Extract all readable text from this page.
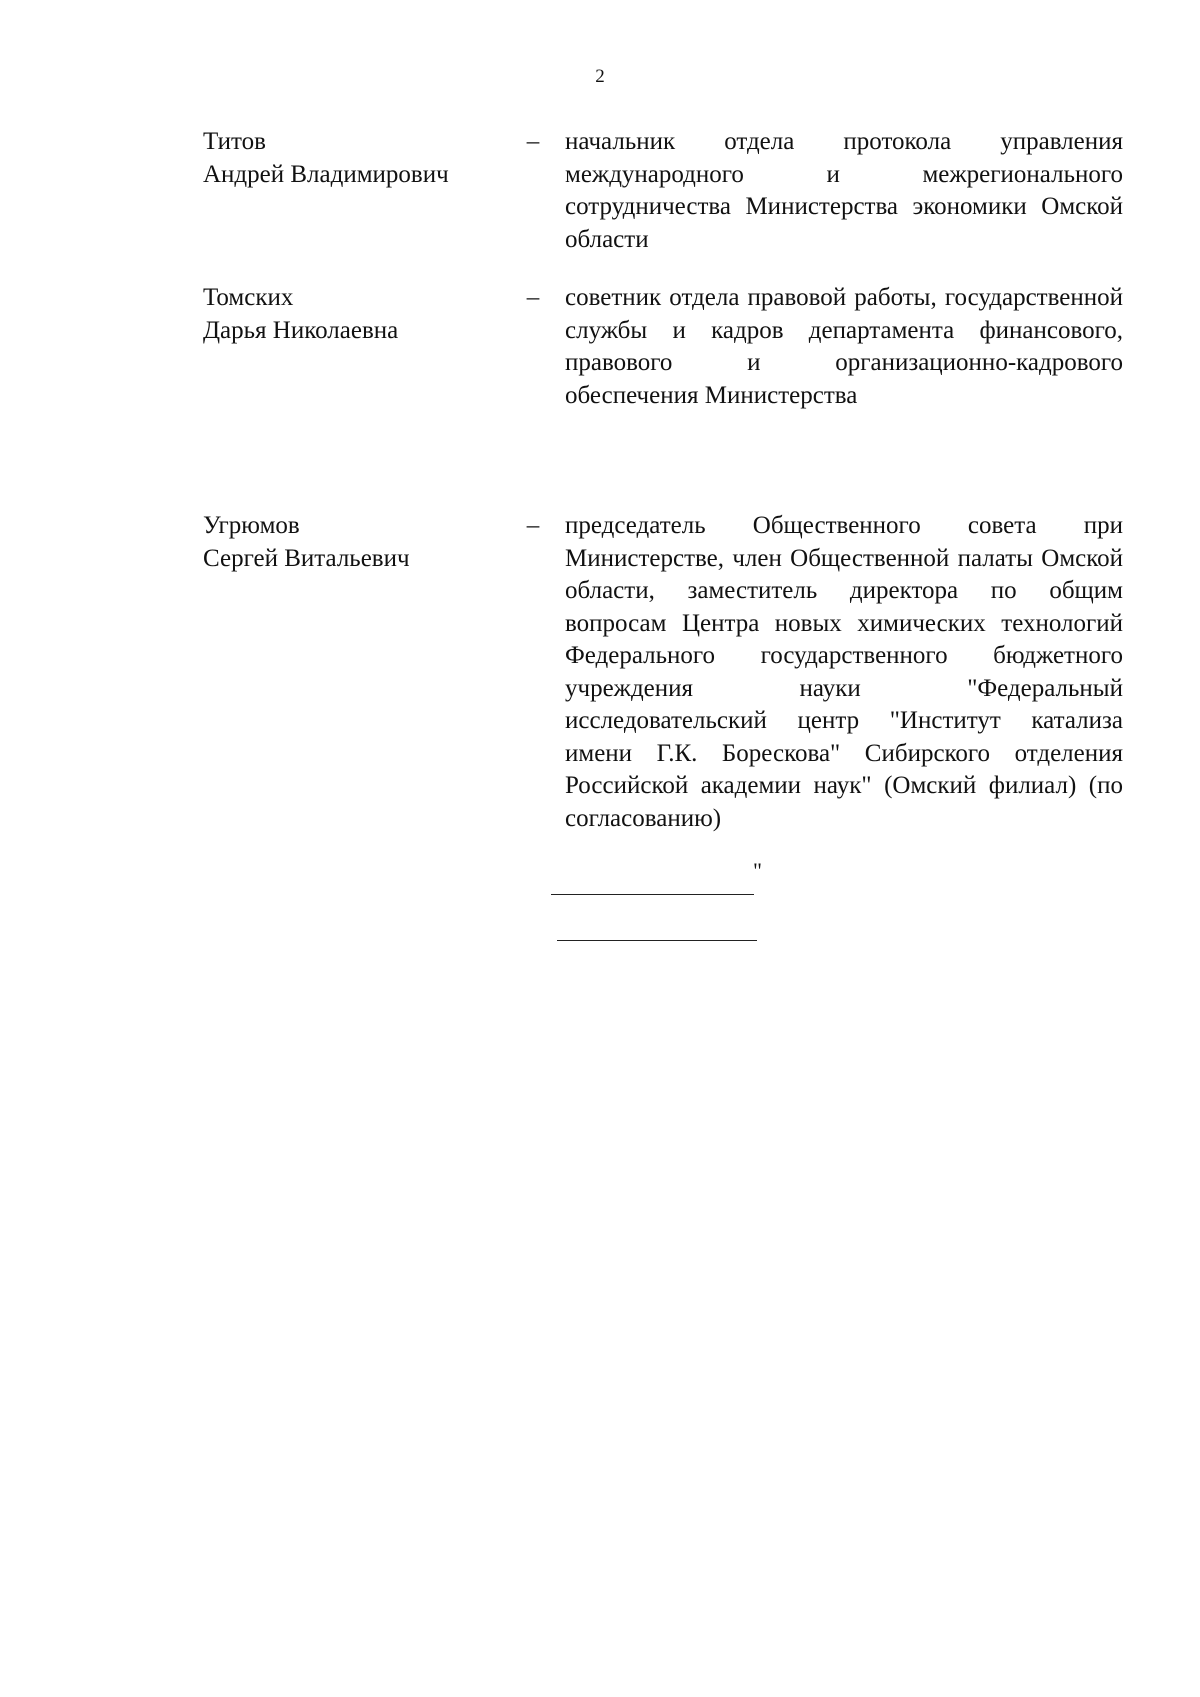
2
Титов
Андрей Владимирович
– начальник отдела протокола управления международного и межрегионального сотрудничества Министерства экономики Омской области
Томских
Дарья Николаевна
– советник отдела правовой работы, государственной службы и кадров департамента финансового, правового и организационно-кадрового обеспечения Министерства
Угрюмов
Сергей Витальевич
– председатель Общественного совета при Министерстве, член Общественной палаты Омской области, заместитель директора по общим вопросам Центра новых химических технологий Федерального государственного бюджетного учреждения науки "Федеральный исследовательский центр "Институт катализа имени Г.К. Борескова" Сибирского отделения Российской академии наук" (Омский филиал) (по согласованию)
"
